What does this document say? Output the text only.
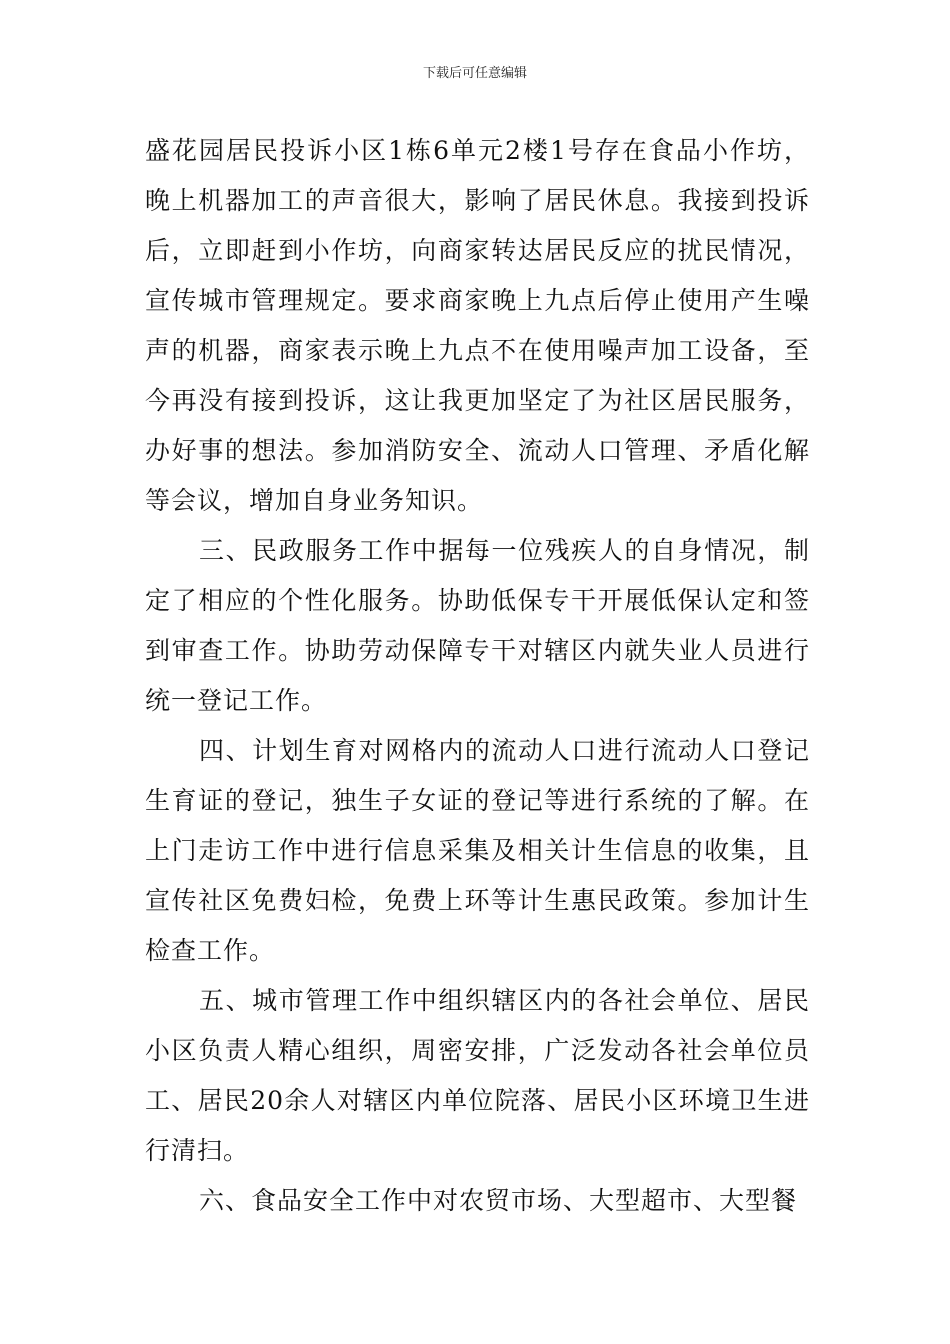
下载后可任意编辑

盛花园居民投诉小区1栋6单元2楼1号存在食品小作坊，晚上机器加工的声音很大，影响了居民休息。我接到投诉后，立即赶到小作坊，向商家转达居民反应的扰民情况，宣传城市管理规定。要求商家晚上九点后停止使用产生噪声的机器，商家表示晚上九点不在使用噪声加工设备，至今再没有接到投诉，这让我更加坚定了为社区居民服务，办好事的想法。参加消防安全、流动人口管理、矛盾化解等会议，增加自身业务知识。

三、民政服务工作中据每一位残疾人的自身情况，制定了相应的个性化服务。协助低保专干开展低保认定和签到审查工作。协助劳动保障专干对辖区内就失业人员进行统一登记工作。

四、计划生育对网格内的流动人口进行流动人口登记生育证的登记，独生子女证的登记等进行系统的了解。在上门走访工作中进行信息采集及相关计生信息的收集，且宣传社区免费妇检，免费上环等计生惠民政策。参加计生检查工作。

五、城市管理工作中组织辖区内的各社会单位、居民小区负责人精心组织，周密安排，广泛发动各社会单位员工、居民20余人对辖区内单位院落、居民小区环境卫生进行清扫。

六、食品安全工作中对农贸市场、大型超市、大型餐
